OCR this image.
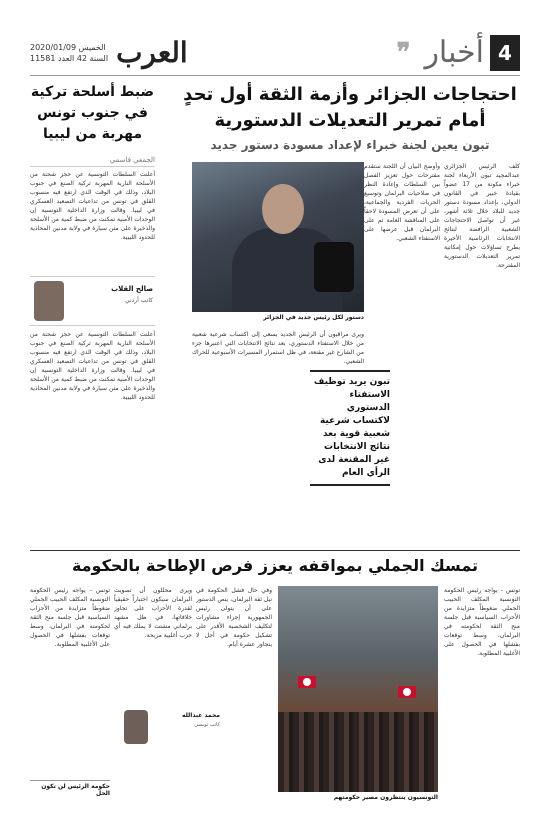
4
أخبار
❞
العرب
الخميس 2020/01/09
السنة 42 العدد 11581
احتجاجات الجزائر وأزمة الثقة أول تحدٍ أمام تمرير التعديلات الدستورية
تبون يعين لجنة خبراء لإعداد مسودة دستور جديد
ضبط أسلحة تركية في جنوب تونس مهربة من ليبيا
الجمعي قاسمي
كلف الرئيس الجزائري عبدالمجيد تبون الأربعاء لجنة خبراء مكونة من 17 عضواً بقيادة خبير في القانون الدولي، بإعداد مسودة دستور جديد للبلاد خلال ثلاثة أشهر، غير أن تواصل الاحتجاجات الشعبية الرافضة لنتائج الانتخابات الرئاسية الأخيرة يطرح تساؤلات حول إمكانية تمرير التعديلات الدستورية المقترحة.
وأوضح البيان أن اللجنة ستقدم مقترحات حول تعزيز الفصل بين السلطات وإعادة النظر في صلاحيات البرلمان وتوسيع الحريات الفردية والجماعية، على أن تعرض المسودة لاحقاً على المناقشة العامة ثم على البرلمان قبل عرضها على الاستفتاء الشعبي.
تبون يريد توظيف الاستفتاء الدستوري لاكتساب شرعية شعبية قوية بعد نتائج الانتخابات غير المقنعة لدى الرأي العام
ويرى مراقبون أن الرئيس الجديد يسعى إلى اكتساب شرعية شعبية من خلال الاستفتاء الدستوري، بعد نتائج الانتخابات التي اعتبرها جزء من الشارع غير مقنعة، في ظل استمرار المسيرات الأسبوعية للحراك الشعبي.
دستور لكل رئيس جديد في الجزائر
أعلنت السلطات التونسية عن حجز شحنة من الأسلحة النارية المهربة تركية الصنع في جنوب البلاد، وذلك في الوقت الذي ارتفع فيه منسوب القلق في تونس من تداعيات التصعيد العسكري في ليبيا. وقالت وزارة الداخلية التونسية إن الوحدات الأمنية تمكنت من ضبط كمية من الأسلحة والذخيرة على متن سيارة في ولاية مدنين المحاذية للحدود الليبية.
صالح القلاب
كاتب أردني
أعلنت السلطات التونسية عن حجز شحنة من الأسلحة النارية المهربة تركية الصنع في جنوب البلاد، وذلك في الوقت الذي ارتفع فيه منسوب القلق في تونس من تداعيات التصعيد العسكري في ليبيا. وقالت وزارة الداخلية التونسية إن الوحدات الأمنية تمكنت من ضبط كمية من الأسلحة والذخيرة على متن سيارة في ولاية مدنين المحاذية للحدود الليبية.
تمسك الجملي بمواقفه يعزز فرص الإطاحة بالحكومة
تونس - يواجه رئيس الحكومة التونسية المكلف الحبيب الجملي ضغوطاً متزايدة من الأحزاب السياسية قبل جلسة منح الثقة لحكومته في البرلمان، وسط توقعات بفشلها في الحصول على الأغلبية المطلوبة.
التونسيون ينتظرون مصير حكومتهم
وفي حال فشل الحكومة في نيل ثقة البرلمان، ينص الدستور على أن يتولى رئيس الجمهورية إجراء مشاورات لتكليف الشخصية الأقدر على تشكيل حكومة في أجل لا يتجاوز عشرة أيام.
ويرى محللون أن تصويت البرلمان سيكون اختباراً حقيقياً لقدرة الأحزاب على تجاوز خلافاتها، في ظل مشهد برلماني مشتت لا يملك فيه أي حزب أغلبية مريحة.
محمد عبدالله
كاتب تونسي
تونس - يواجه رئيس الحكومة التونسية المكلف الحبيب الجملي ضغوطاً متزايدة من الأحزاب السياسية قبل جلسة منح الثقة لحكومته في البرلمان، وسط توقعات بفشلها في الحصول على الأغلبية المطلوبة.
حكومة الرئيس لن تكون الحل
